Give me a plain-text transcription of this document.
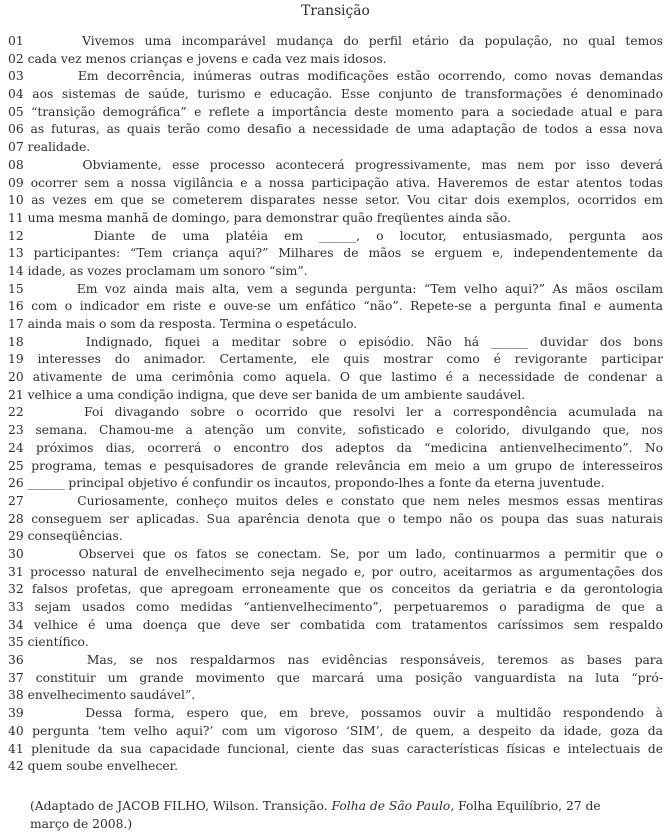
Transição
01	Vivemos uma incomparável mudança do perfil etário da população, no qual temos
02 cada vez menos crianças e jovens e cada vez mais idosos.
03	Em decorrência, inúmeras outras modificações estão ocorrendo, como novas demandas
04 aos sistemas de saúde, turismo e educação. Esse conjunto de transformações é denominado
05 “transição demográfica” e reflete a importância deste momento para a sociedade atual e para
06 as futuras, as quais terão como desafio a necessidade de uma adaptação de todos a essa nova
07 realidade.
08	Obviamente, esse processo acontecerá progressivamente, mas nem por isso deverá
09 ocorrer sem a nossa vigilância e a nossa participação ativa. Haveremos de estar atentos todas
10 as vezes em que se cometerem disparates nesse setor. Vou citar dois exemplos, ocorridos em
11 uma mesma manhã de domingo, para demonstrar quão freqüentes ainda são.
12	Diante de uma platéia em ______, o locutor, entusiasmado, pergunta aos
13 participantes: “Tem criança aqui?” Milhares de mãos se erguem e, independentemente da
14 idade, as vozes proclamam um sonoro “sim”.
15	Em voz ainda mais alta, vem a segunda pergunta: “Tem velho aqui?” As mãos oscilam
16 com o indicador em riste e ouve-se um enfático “não”. Repete-se a pergunta final e aumenta
17 ainda mais o som da resposta. Termina o espetáculo.
18	Indignado, fiquei a meditar sobre o episódio. Não há ______ duvidar dos bons
19 interesses do animador. Certamente, ele quis mostrar como é revigorante participar
20 ativamente de uma cerimônia como aquela. O que lastimo é a necessidade de condenar a
21 velhice a uma condição indigna, que deve ser banida de um ambiente saudável.
22	Foi divagando sobre o ocorrido que resolvi ler a correspondência acumulada na
23 semana. Chamou-me a atenção um convite, sofisticado e colorido, divulgando que, nos
24 próximos dias, ocorrerá o encontro dos adeptos da “medicina antienvelhecimento”. No
25 programa, temas e pesquisadores de grande relevância em meio a um grupo de interesseiros
26 ______ principal objetivo é confundir os incautos, propondo-lhes a fonte da eterna juventude.
27	Curiosamente, conheço muitos deles e constato que nem neles mesmos essas mentiras
28 conseguem ser aplicadas. Sua aparência denota que o tempo não os poupa das suas naturais
29 conseqüências.
30	Observei que os fatos se conectam. Se, por um lado, continuarmos a permitir que o
31 processo natural de envelhecimento seja negado e, por outro, aceitarmos as argumentações dos
32 falsos profetas, que apregoam erroneamente que os conceitos da geriatria e da gerontologia
33 sejam usados como medidas “antienvelhecimento”, perpetuaremos o paradigma de que a
34 velhice é uma doença que deve ser combatida com tratamentos caríssimos sem respaldo
35 científico.
36	Mas, se nos respaldarmos nas evidências responsáveis, teremos as bases para
37 constituir um grande movimento que marcará uma posição vanguardista na luta “pró-
38 envelhecimento saudável”.
39	Dessa forma, espero que, em breve, possamos ouvir a multidão respondendo à
40 pergunta ‘tem velho aqui?’ com um vigoroso ‘SIM’, de quem, a despeito da idade, goza da
41 plenitude da sua capacidade funcional, ciente das suas características físicas e intelectuais de
42 quem soube envelhecer.
(Adaptado de JACOB FILHO, Wilson. Transição. Folha de São Paulo, Folha Equilíbrio, 27 de
março de 2008.)
